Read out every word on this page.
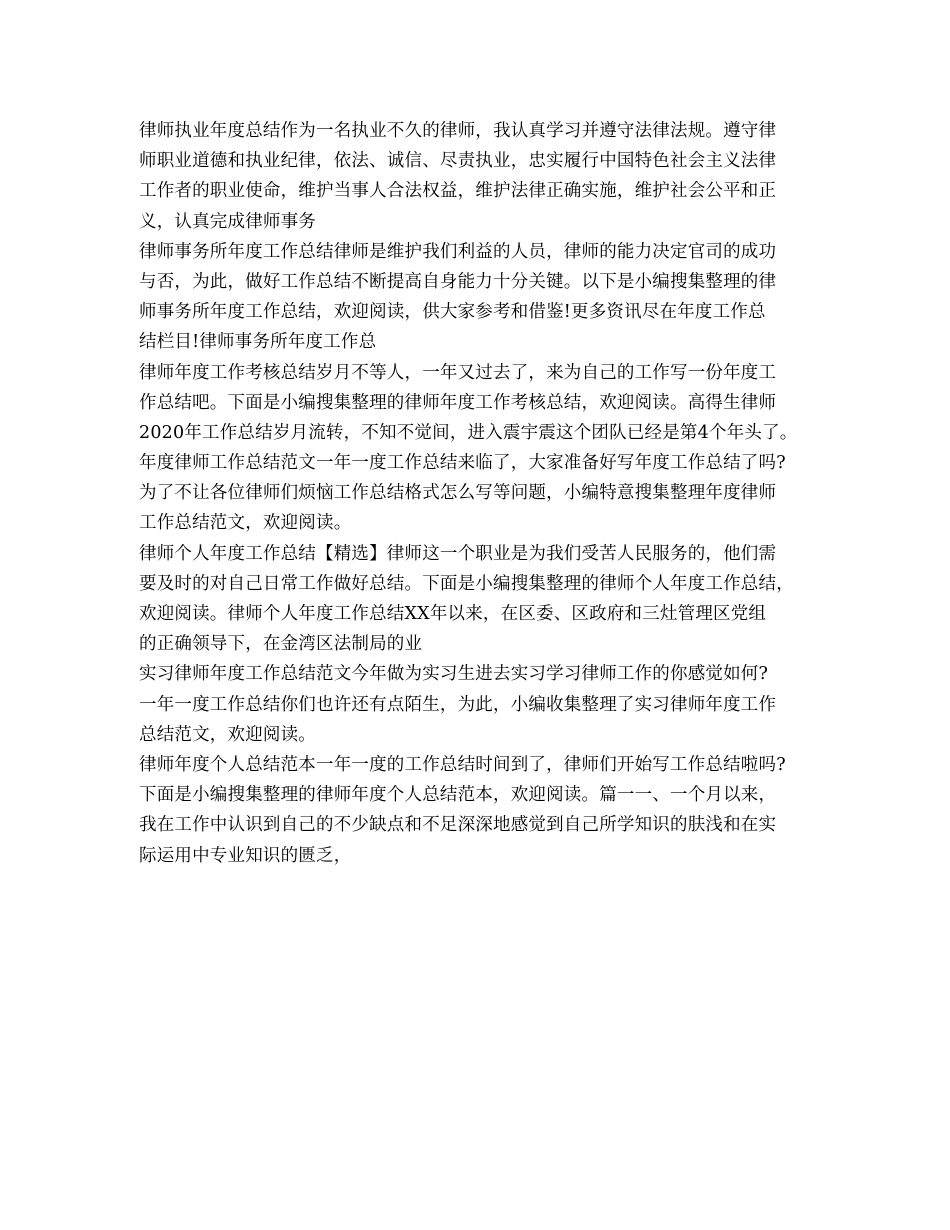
律师执业年度总结作为一名执业不久的律师，我认真学习并遵守法律法规。遵守律
师职业道德和执业纪律，依法、诚信、尽责执业，忠实履行中国特色社会主义法律
工作者的职业使命，维护当事人合法权益，维护法律正确实施，维护社会公平和正
义，认真完成律师事务
律师事务所年度工作总结律师是维护我们利益的人员，律师的能力决定官司的成功
与否，为此，做好工作总结不断提高自身能力十分关键。以下是小编搜集整理的律
师事务所年度工作总结，欢迎阅读，供大家参考和借鉴!更多资讯尽在年度工作总
结栏目!律师事务所年度工作总
律师年度工作考核总结岁月不等人，一年又过去了，来为自己的工作写一份年度工
作总结吧。下面是小编搜集整理的律师年度工作考核总结，欢迎阅读。高得生律师
2020年工作总结岁月流转，不知不觉间，进入震宇震这个团队已经是第4个年头了。
年度律师工作总结范文一年一度工作总结来临了，大家准备好写年度工作总结了吗?
为了不让各位律师们烦恼工作总结格式怎么写等问题，小编特意搜集整理年度律师
工作总结范文，欢迎阅读。
律师个人年度工作总结【精选】律师这一个职业是为我们受苦人民服务的，他们需
要及时的对自己日常工作做好总结。下面是小编搜集整理的律师个人年度工作总结，
欢迎阅读。律师个人年度工作总结XX年以来，在区委、区政府和三灶管理区党组
的正确领导下，在金湾区法制局的业
实习律师年度工作总结范文今年做为实习生进去实习学习律师工作的你感觉如何?
一年一度工作总结你们也许还有点陌生，为此，小编收集整理了实习律师年度工作
总结范文，欢迎阅读。
律师年度个人总结范本一年一度的工作总结时间到了，律师们开始写工作总结啦吗?
下面是小编搜集整理的律师年度个人总结范本，欢迎阅读。篇一一、一个月以来，
我在工作中认识到自己的不少缺点和不足深深地感觉到自己所学知识的肤浅和在实
际运用中专业知识的匮乏，
